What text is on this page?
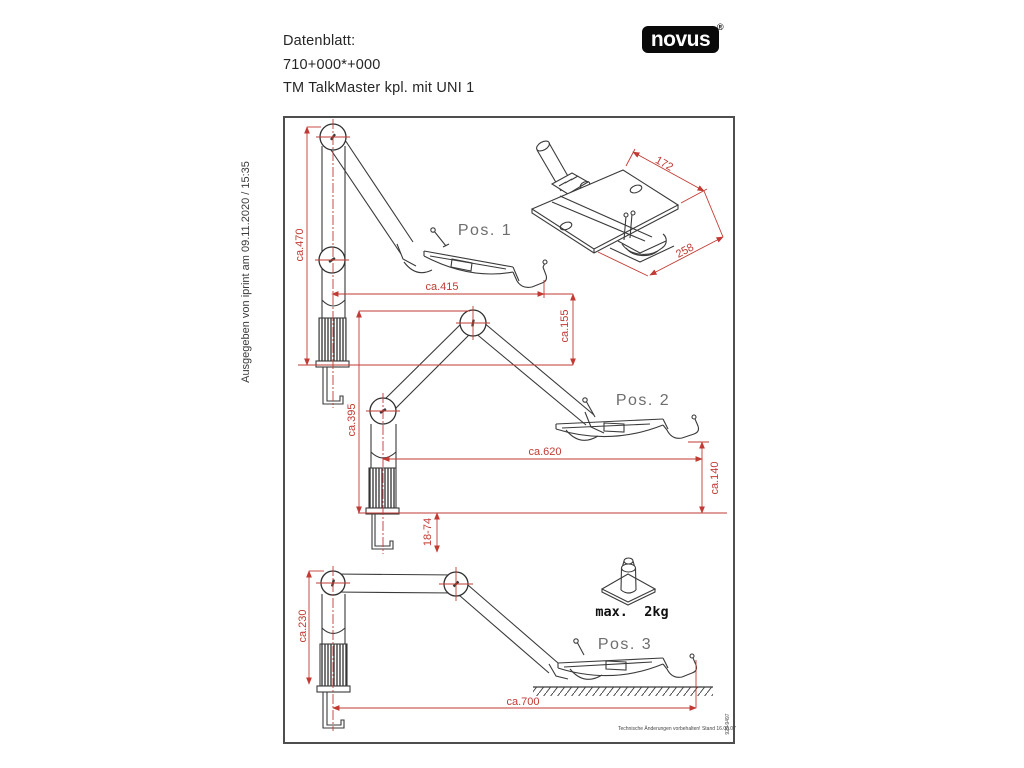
Datenblatt:
710+000*+000
TM TalkMaster kpl. mit UNI 1
novus
®
Ausgegeben von iprint am 09.11.2020 / 15:35	ca.470
ca.415
ca.155
ca.395
ca.620
ca.140
18-74
ca.230
ca.700
172
258
Pos. 1
Pos. 2
Pos. 3
max.  2kg
Technische Änderungen vorbehalten! Stand 16.06.07
929-9497
